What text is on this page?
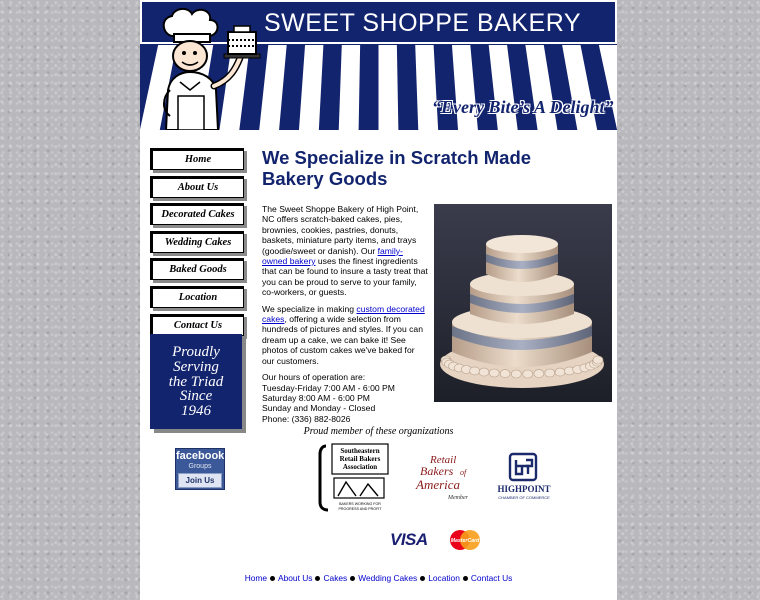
SWEET SHOPPE BAKERY
“Every Bite’s A Delight”
Home
About Us
Decorated Cakes
Wedding Cakes
Baked Goods
Location
Contact Us
Proudly
Serving
the Triad
Since
1946
facebook
Groups
Join Us
We Specialize in Scratch Made Bakery Goods

The Sweet Shoppe Bakery of High Point, NC offers scratch-baked cakes, pies, brownies, cookies, pastries, donuts, baskets, miniature party items, and trays (goodie/sweet or danish). Our family-owned bakery uses the finest ingredients that can be found to insure a tasty treat that you can be proud to serve to your family, co-workers, or guests.

We specialize in making custom decorated cakes, offering a wide selection from hundreds of pictures and styles. If you can dream up a cake, we can bake it! See photos of custom cakes we've baked for our customers.

Our hours of operation are:
Tuesday-Friday 7:00 AM - 6:00 PM
Saturday 8:00 AM - 6:00 PM
Sunday and Monday - Closed
Phone: (336) 882-8026
Proud member of these organizations
Southeastern
Retail Bakers
Association
BAKERS WORKING FOR
PROGRESS AND PROFIT
Retail
Bakers of
America
Member
HIGHPOINT
CHAMBER OF COMMERCE
VISA	MasterCard
Home About Us Cakes Wedding Cakes Location Contact Us
